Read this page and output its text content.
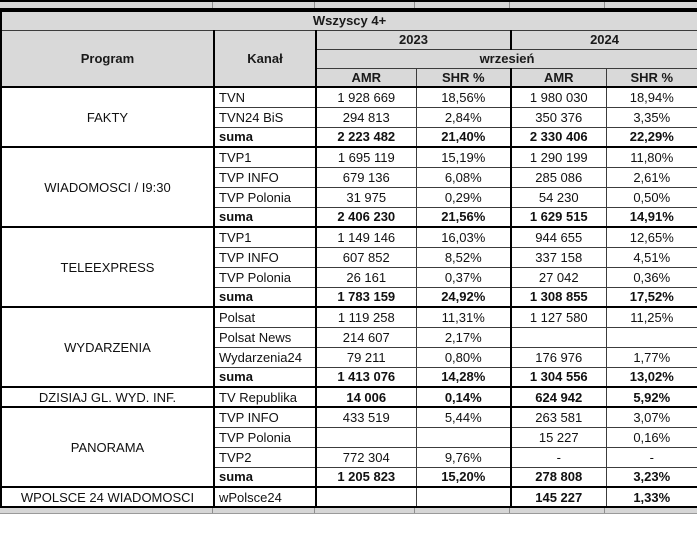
Wszyscy 4+					
Program	Kanał	2023		2024	
		wrzesień			
		AMR	SHR %	AMR	SHR %
FAKTY	TVN	1 928 669	18,56%	1 980 030	18,94%
	TVN24 BiS	294 813	2,84%	350 376	3,35%
	suma	2 223 482	21,40%	2 330 406	22,29%
WIADOMOSCI / I9:30	TVP1	1 695 119	15,19%	1 290 199	11,80%
	TVP INFO	679 136	6,08%	285 086	2,61%
	TVP Polonia	31 975	0,29%	54 230	0,50%
	suma	2 406 230	21,56%	1 629 515	14,91%
TELEEXPRESS	TVP1	1 149 146	16,03%	944 655	12,65%
	TVP INFO	607 852	8,52%	337 158	4,51%
	TVP Polonia	26 161	0,37%	27 042	0,36%
	suma	1 783 159	24,92%	1 308 855	17,52%
WYDARZENIA	Polsat	1 119 258	11,31%	1 127 580	11,25%
	Polsat News	214 607	2,17%		
	Wydarzenia24	79 211	0,80%	176 976	1,77%
	suma	1 413 076	14,28%	1 304 556	13,02%
DZISIAJ GL. WYD. INF.	TV Republika	14 006	0,14%	624 942	5,92%
PANORAMA	TVP INFO	433 519	5,44%	263 581	3,07%
	TVP Polonia			15 227	0,16%
	TVP2	772 304	9,76%	-	-
	suma	1 205 823	15,20%	278 808	3,23%
WPOLSCE 24 WIADOMOSCI	wPolsce24			145 227	1,33%
